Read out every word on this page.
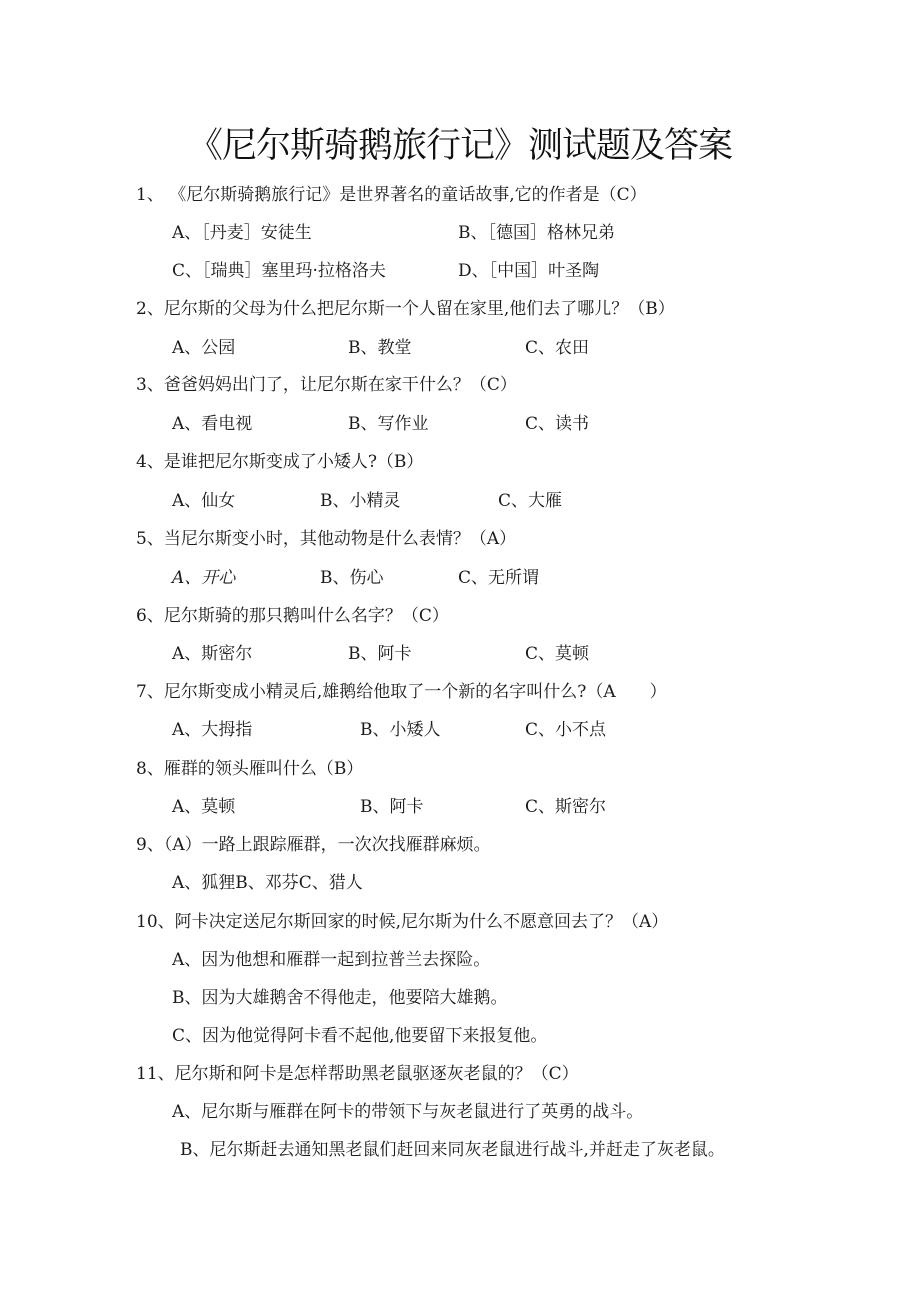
《尼尔斯骑鹅旅行记》测试题及答案
1、 《尼尔斯骑鹅旅行记》是世界著名的童话故事,它的作者是（C）
A、［丹麦］安徒生	B、［德国］格林兄弟
C、［瑞典］塞里玛·拉格洛夫	D、［中国］叶圣陶
2、尼尔斯的父母为什么把尼尔斯一个人留在家里,他们去了哪儿？（B）
A、公园	B、教堂	C、农田
3、爸爸妈妈出门了，让尼尔斯在家干什么？（C）
A、看电视	B、写作业	C、读书
4、是谁把尼尔斯变成了小矮人?（B）
A、仙女	B、小精灵	C、大雁
5、当尼尔斯变小时，其他动物是什么表情？（A）
A、开心	B、伤心	C、无所谓
6、尼尔斯骑的那只鹅叫什么名字？（C）
A、斯密尔	B、阿卡	C、莫顿
7、尼尔斯变成小精灵后,雄鹅给他取了一个新的名字叫什么?（A　　）
A、大拇指	B、小矮人	C、小不点
8、雁群的领头雁叫什么（B）
A、莫顿	B、阿卡	C、斯密尔
9、（A）一路上跟踪雁群，一次次找雁群麻烦。
A、狐狸B、邓芬C、猎人
10、阿卡决定送尼尔斯回家的时候,尼尔斯为什么不愿意回去了？（A）
A、因为他想和雁群一起到拉普兰去探险。
B、因为大雄鹅舍不得他走，他要陪大雄鹅。
C、因为他觉得阿卡看不起他,他要留下来报复他。
11、尼尔斯和阿卡是怎样帮助黑老鼠驱逐灰老鼠的？（C）
A、尼尔斯与雁群在阿卡的带领下与灰老鼠进行了英勇的战斗。
B、尼尔斯赶去通知黑老鼠们赶回来同灰老鼠进行战斗,并赶走了灰老鼠。
